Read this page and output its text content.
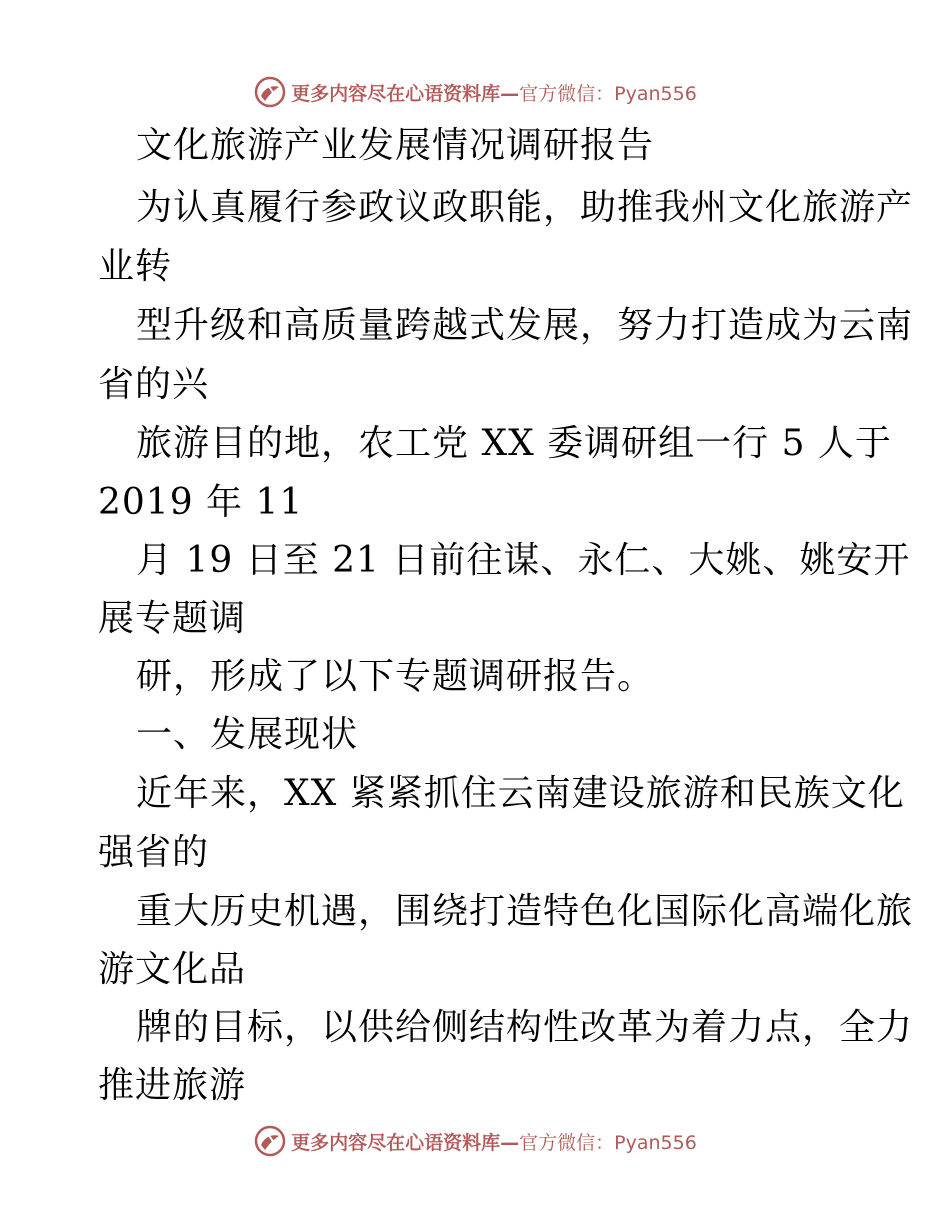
更多内容尽在心语资料库—官方微信：Pyan556
文化旅游产业发展情况调研报告
为认真履行参政议政职能，助推我州文化旅游产
业转
型升级和高质量跨越式发展，努力打造成为云南
省的兴
旅游目的地，农工党 XX 委调研组一行 5 人于
2019 年 11
月 19 日至 21 日前往谋、永仁、大姚、姚安开
展专题调
研，形成了以下专题调研报告。
一、发展现状
近年来，XX 紧紧抓住云南建设旅游和民族文化
强省的
重大历史机遇，围绕打造特色化国际化高端化旅
游文化品
牌的目标，以供给侧结构性改革为着力点，全力
推进旅游
更多内容尽在心语资料库—官方微信：Pyan556
